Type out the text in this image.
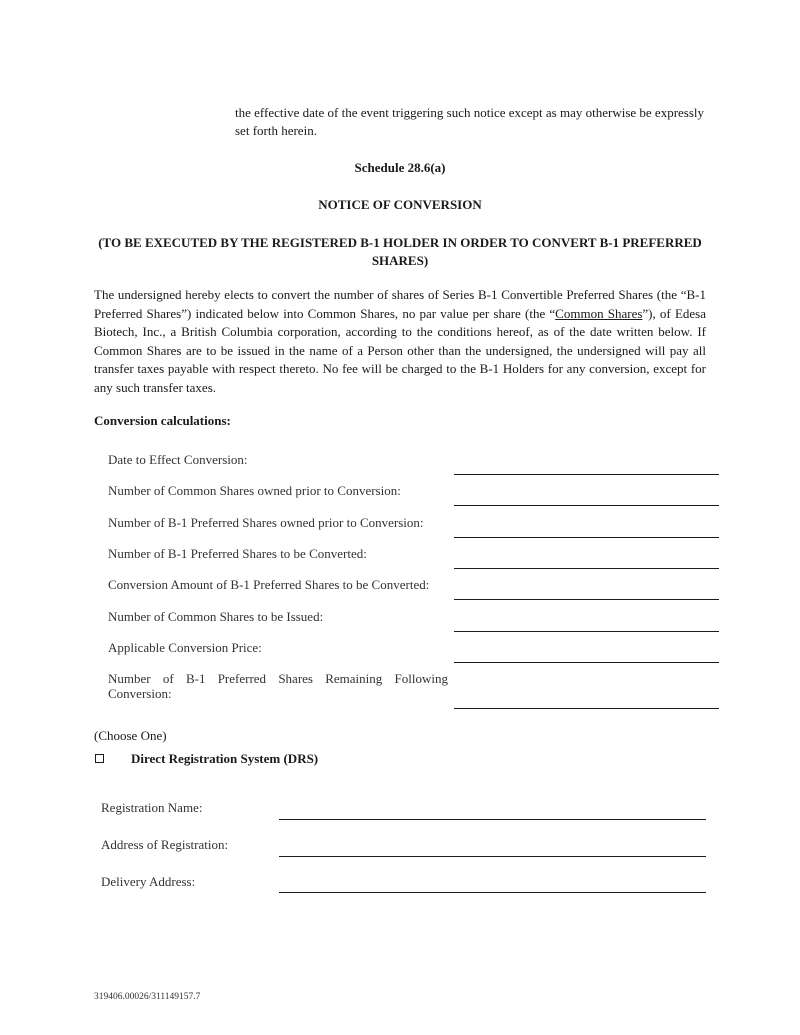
the effective date of the event triggering such notice except as may otherwise be expressly set forth herein.
Schedule 28.6(a)
NOTICE OF CONVERSION
(TO BE EXECUTED BY THE REGISTERED B-1 HOLDER IN ORDER TO CONVERT B-1 PREFERRED SHARES)
The undersigned hereby elects to convert the number of shares of Series B-1 Convertible Preferred Shares (the “B-1 Preferred Shares”) indicated below into Common Shares, no par value per share (the “Common Shares”), of Edesa Biotech, Inc., a British Columbia corporation, according to the conditions hereof, as of the date written below. If Common Shares are to be issued in the name of a Person other than the undersigned, the undersigned will pay all transfer taxes payable with respect thereto. No fee will be charged to the B-1 Holders for any conversion, except for any such transfer taxes.
Conversion calculations:
Date to Effect Conversion:
Number of Common Shares owned prior to Conversion:
Number of B-1 Preferred Shares owned prior to Conversion:
Number of B-1 Preferred Shares to be Converted:
Conversion Amount of B-1 Preferred Shares to be Converted:
Number of Common Shares to be Issued:
Applicable Conversion Price:
Number of B-1 Preferred Shares Remaining Following Conversion:
(Choose One)
Direct Registration System (DRS)
Registration Name:
Address of Registration:
Delivery Address:
319406.00026/311149157.7
